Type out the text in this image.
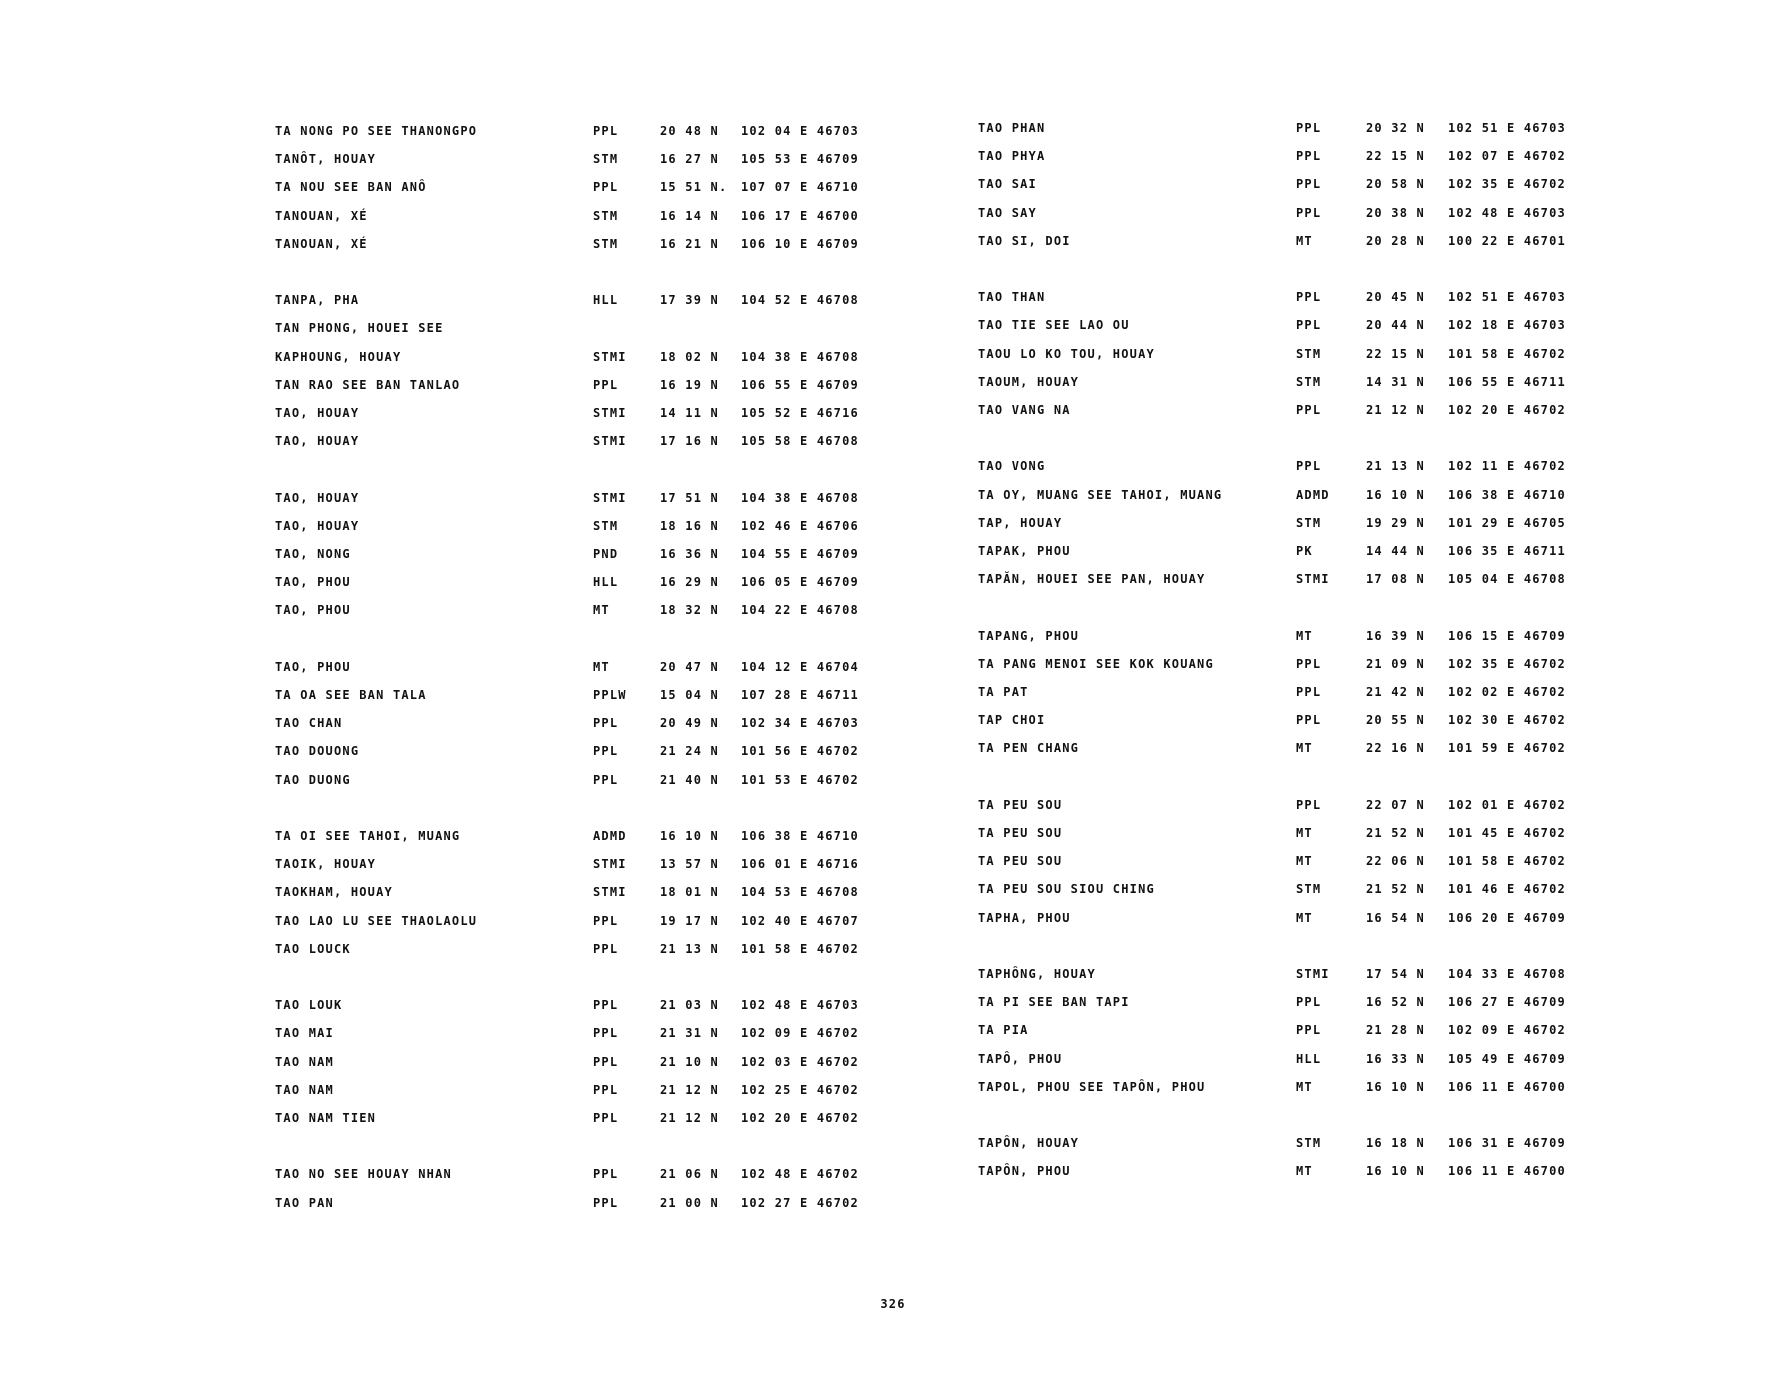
TA NONG PO SEE THANONGPO	PPL	20 48 N 102 04 E 46703
TANÔT, HOUAY	STM	16 27 N 105 53 E 46709
TA NOU SEE BAN ANÔ	PPL	15 51 N. 107 07 E 46710
TANOUAN, XÉ	STM	16 14 N 106 17 E 46700
TANOUAN, XÉ	STM	16 21 N 106 10 E 46709
TANPA, PHA	HLL	17 39 N 104 52 E 46708
TAN PHONG, HOUEI SEE
KAPHOUNG, HOUAY	STMI	18 02 N 104 38 E 46708
TAN RAO SEE BAN TANLAO	PPL	16 19 N 106 55 E 46709
TAO, HOUAY	STMI	14 11 N 105 52 E 46716
TAO, HOUAY	STMI	17 16 N 105 58 E 46708
TAO, HOUAY	STMI	17 51 N 104 38 E 46708
TAO, HOUAY	STM	18 16 N 102 46 E 46706
TAO, NONG	PND	16 36 N 104 55 E 46709
TAO, PHOU	HLL	16 29 N 106 05 E 46709
TAO, PHOU	MT	18 32 N 104 22 E 46708
TAO, PHOU	MT	20 47 N 104 12 E 46704
TA OA SEE BAN TALA	PPLW	15 04 N 107 28 E 46711
TAO CHAN	PPL	20 49 N 102 34 E 46703
TAO DOUONG	PPL	21 24 N 101 56 E 46702
TAO DUONG	PPL	21 40 N 101 53 E 46702
TA OI SEE TAHOI, MUANG	ADMD	16 10 N 106 38 E 46710
TAOIK, HOUAY	STMI	13 57 N 106 01 E 46716
TAOKHAM, HOUAY	STMI	18 01 N 104 53 E 46708
TAO LAO LU SEE THAOLAOLU	PPL	19 17 N 102 40 E 46707
TAO LOUCK	PPL	21 13 N 101 58 E 46702
TAO LOUK	PPL	21 03 N 102 48 E 46703
TAO MAI	PPL	21 31 N 102 09 E 46702
TAO NAM	PPL	21 10 N 102 03 E 46702
TAO NAM	PPL	21 12 N 102 25 E 46702
TAO NAM TIEN	PPL	21 12 N 102 20 E 46702
TAO NO SEE HOUAY NHAN	PPL	21 06 N 102 48 E 46702
TAO PAN	PPL	21 00 N 102 27 E 46702
TAO PHAN	PPL	20 32 N 102 51 E 46703
TAO PHYA	PPL	22 15 N 102 07 E 46702
TAO SAI	PPL	20 58 N 102 35 E 46702
TAO SAY	PPL	20 38 N 102 48 E 46703
TAO SI, DOI	MT	20 28 N 100 22 E 46701
TAO THAN	PPL	20 45 N 102 51 E 46703
TAO TIE SEE LAO OU	PPL	20 44 N 102 18 E 46703
TAOU LO KO TOU, HOUAY	STM	22 15 N 101 58 E 46702
TAOUM, HOUAY	STM	14 31 N 106 55 E 46711
TAO VANG NA	PPL	21 12 N 102 20 E 46702
TAO VONG	PPL	21 13 N 102 11 E 46702
TA OY, MUANG SEE TAHOI, MUANG	ADMD	16 10 N 106 38 E 46710
TAP, HOUAY	STM	19 29 N 101 29 E 46705
TAPAK, PHOU	PK	14 44 N 106 35 E 46711
TAPĂN, HOUEI SEE PAN, HOUAY	STMI	17 08 N 105 04 E 46708
TAPANG, PHOU	MT	16 39 N 106 15 E 46709
TA PANG MENOI SEE KOK KOUANG	PPL	21 09 N 102 35 E 46702
TA PAT	PPL	21 42 N 102 02 E 46702
TAP CHOI	PPL	20 55 N 102 30 E 46702
TA PEN CHANG	MT	22 16 N 101 59 E 46702
TA PEU SOU	PPL	22 07 N 102 01 E 46702
TA PEU SOU	MT	21 52 N 101 45 E 46702
TA PEU SOU	MT	22 06 N 101 58 E 46702
TA PEU SOU SIOU CHING	STM	21 52 N 101 46 E 46702
TAPHA, PHOU	MT	16 54 N 106 20 E 46709
TAPHÔNG, HOUAY	STMI	17 54 N 104 33 E 46708
TA PI SEE BAN TAPI	PPL	16 52 N 106 27 E 46709
TA PIA	PPL	21 28 N 102 09 E 46702
TAPÔ, PHOU	HLL	16 33 N 105 49 E 46709
TAPOL, PHOU SEE TAPÔN, PHOU	MT	16 10 N 106 11 E 46700
TAPÔN, HOUAY	STM	16 18 N 106 31 E 46709
TAPÔN, PHOU	MT	16 10 N 106 11 E 46700
326
